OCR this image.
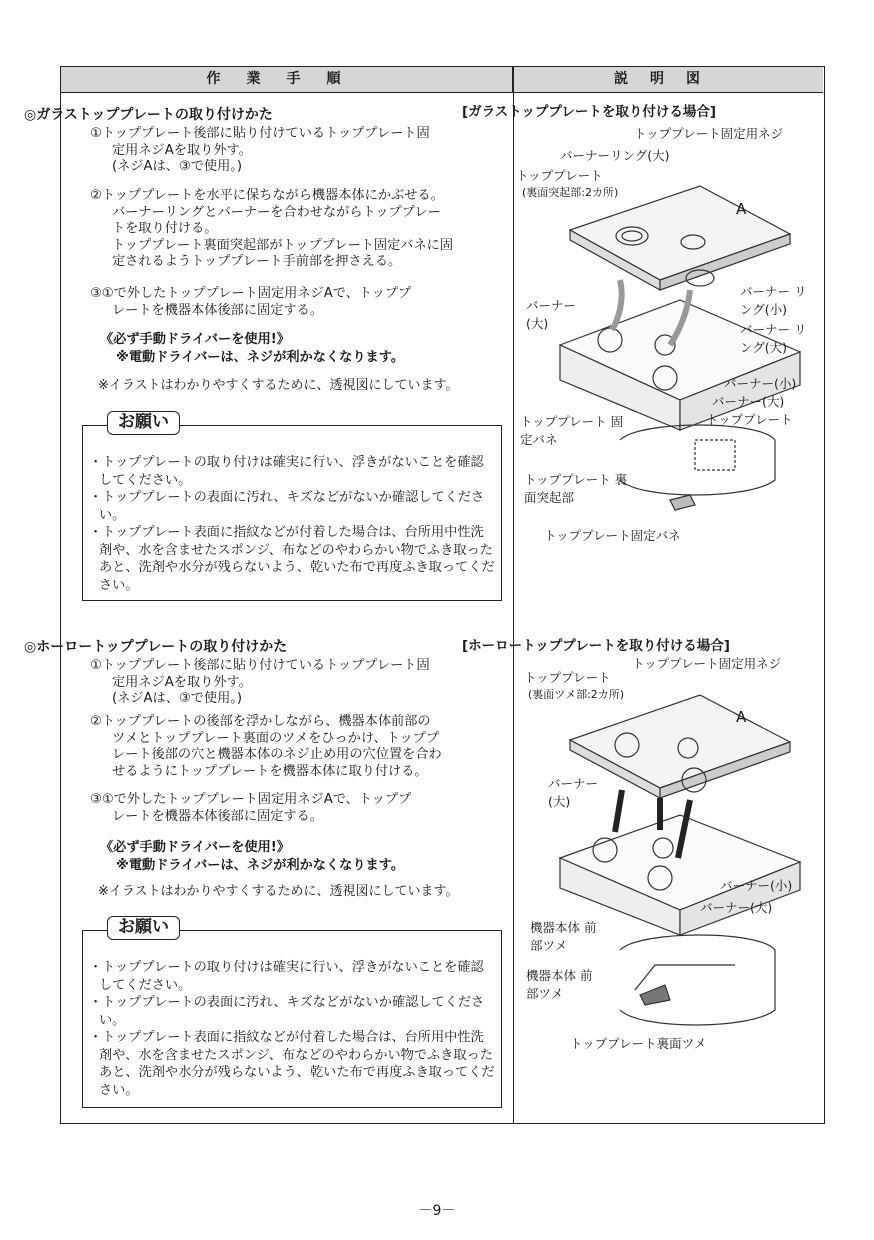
作業手順	説明図
◎ガラストッププレートの取り付けかた
①トッププレート後部に貼り付けているトッププレート固
定用ネジAを取り外す。
(ネジAは、③で使用。)
②トッププレートを水平に保ちながら機器本体にかぶせる。
バーナーリングとバーナーを合わせながらトッププレー
トを取り付ける。
トッププレート裏面突起部がトッププレート固定バネに固
定されるようトッププレート手前部を押さえる。
③①で外したトッププレート固定用ネジAで、トッププ
レートを機器本体後部に固定する。
《必ず手動ドライバーを使用!》
※電動ドライバーは、ネジが利かなくなります。
※イラストはわかりやすくするために、透視図にしています。
お願い
・トッププレートの取り付けは確実に行い、浮きがないことを確認してください。
・トッププレートの表面に汚れ、キズなどがないか確認してください。
・トッププレート表面に指紋などが付着した場合は、台所用中性洗剤や、水を含ませたスポンジ、布などのやわらかい物でふき取ったあと、洗剤や水分が残らないよう、乾いた布で再度ふき取ってください。
◎ホーロートッププレートの取り付けかた
①トッププレート後部に貼り付けているトッププレート固
定用ネジAを取り外す。
(ネジAは、③で使用。)
②トッププレートの後部を浮かしながら、機器本体前部の
ツメとトッププレート裏面のツメをひっかけ、トッププ
レート後部の穴と機器本体のネジ止め用の穴位置を合わ
せるようにトッププレートを機器本体に取り付ける。
③①で外したトッププレート固定用ネジAで、トッププ
レートを機器本体後部に固定する。
《必ず手動ドライバーを使用!》
※電動ドライバーは、ネジが利かなくなります。
※イラストはわかりやすくするために、透視図にしています。
お願い
・トッププレートの取り付けは確実に行い、浮きがないことを確認してください。
・トッププレートの表面に汚れ、キズなどがないか確認してください。
・トッププレート表面に指紋などが付着した場合は、台所用中性洗剤や、水を含ませたスポンジ、布などのやわらかい物でふき取ったあと、洗剤や水分が残らないよう、乾いた布で再度ふき取ってください。
[ガラストッププレートを取り付ける場合]
トッププレート固定用ネジ
バーナーリング(大)
トッププレート
(裏面突起部:2カ所)
A
バーナー リング(小)
バーナー (大)	バーナー リング(大)
バーナー(小)
バーナー(大)
トッププレート 固定バネ
トッププレート
トッププレート 裏面突起部
トッププレート固定バネ
[ホーロートッププレートを取り付ける場合]
トッププレート固定用ネジ
トッププレート
(裏面ツメ部:2カ所)
A
バーナー (大)
バーナー(小)
バーナー(大)
機器本体 前部ツメ
機器本体 前部ツメ
トッププレート裏面ツメ
－9－
